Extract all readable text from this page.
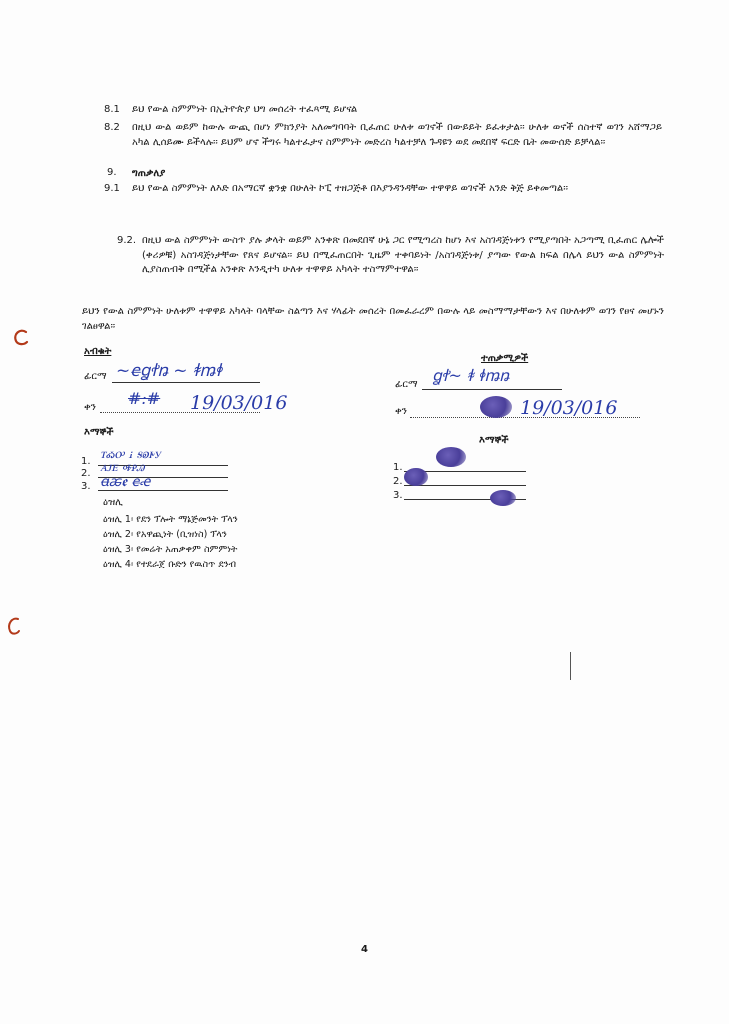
8.1 ይህ የውል ስምምነት በኢትዮጵያ ህግ መሰረት ተፈጻሚ ይሆናል
8.2 በዚህ ውል ወይም ከውሉ ውጪ በሆነ ምክንያት አለመግባባት ቢፈጠር ሁለቱ ወገኖች በውይይት ይፈቱታል፡፡ ሁለቱ ወኖች ሰስተኛ ወገን አሸማጋይ አካል ሊሰይሙ ይችላሉ፡፡ ይህም ሆኖ ችግሩ ካልተፈታና ስምምነት መድረስ ካልተቻለ ጉዳዩን ወደ መደበኛ ፍርድ ቤት መውሰድ ይቻላል፡፡
9. ግጠቃለያ
9.1 ይህ የውል ስምምነት ለእድ በአማርኛ ቋንቋ በሁለት ኮፒ ተዘጋጅቶ በእያንዳንዳቸው ተዋዋይ ወገኖች አንድ ቅጅ ይቀመጣል፡፡
9.2. በዚህ ውል ስምምነት ውስጥ ያሉ ቃላት ወይም አንቀጽ በመደበኛ ሁኔ ጋር የሚጣረስ ከሆነ እና አስገዳጅነቱን የሚያጣበት አጋጣሚ ቢፈጠር ሌሎች (ቀሪዎቹ) አስገዳጅነታቸው የጸና ይሆናል፡፡ ይህ በሚፈጠርበት ጊዜም ተቀባይነት /አስገዳጅነቱ/ ያጣው የውል ክፍል በሌላ ይህን ውል ስምምነት ሊያስጠብቅ በሚችል አንቀጽ እንዲተካ ሁለቱ ተዋዋይ አካላት ተስማምተዋል፡፡
ይህን የውል ስምምነት ሁለቱም ተዋዋይ አካላት ባላቸው ስልጣን እና ሃላፊት መሰረት በመፈራረም በውሉ ላይ መስማማታቸውን እና በሁለቱም ወገን የፀና መሆኑን ገልፀዋል፡፡
አብቁት
ፊርማ ~ꬳꬶꬷꬻ ~ ꬸꬺꬹ
ቀን #:# 19/03/016
እማኞች
1.
2.
3.
ꭲꭳꭴ ꭵ ꭶꭷꭸꭹ
ꭺꭻꭼ ꭽꭾꭿ
ꬰꬱꬲ ꬳꬴ
ዕዝሊ
ዕዝሊ 1፡ የደን ፕሎት ማኔጅመንት ፕላን
ዕዝሊ 2፡ የአዋጪነት (ቢዝነስ) ፕላን
ዕዝሊ 3፡ የመሬት አጠቃቀም ስምምነት
ዕዝሊ 4፡ የተደራጀ ቡድን የዉስጥ ደንብ
ተጠቃሚዎች
ፊርማ ꬶꬷ~ ꬸ ꬹꬺꬻ
ቀን	19/03/016
እማኞች
1.
2.
3.
4
